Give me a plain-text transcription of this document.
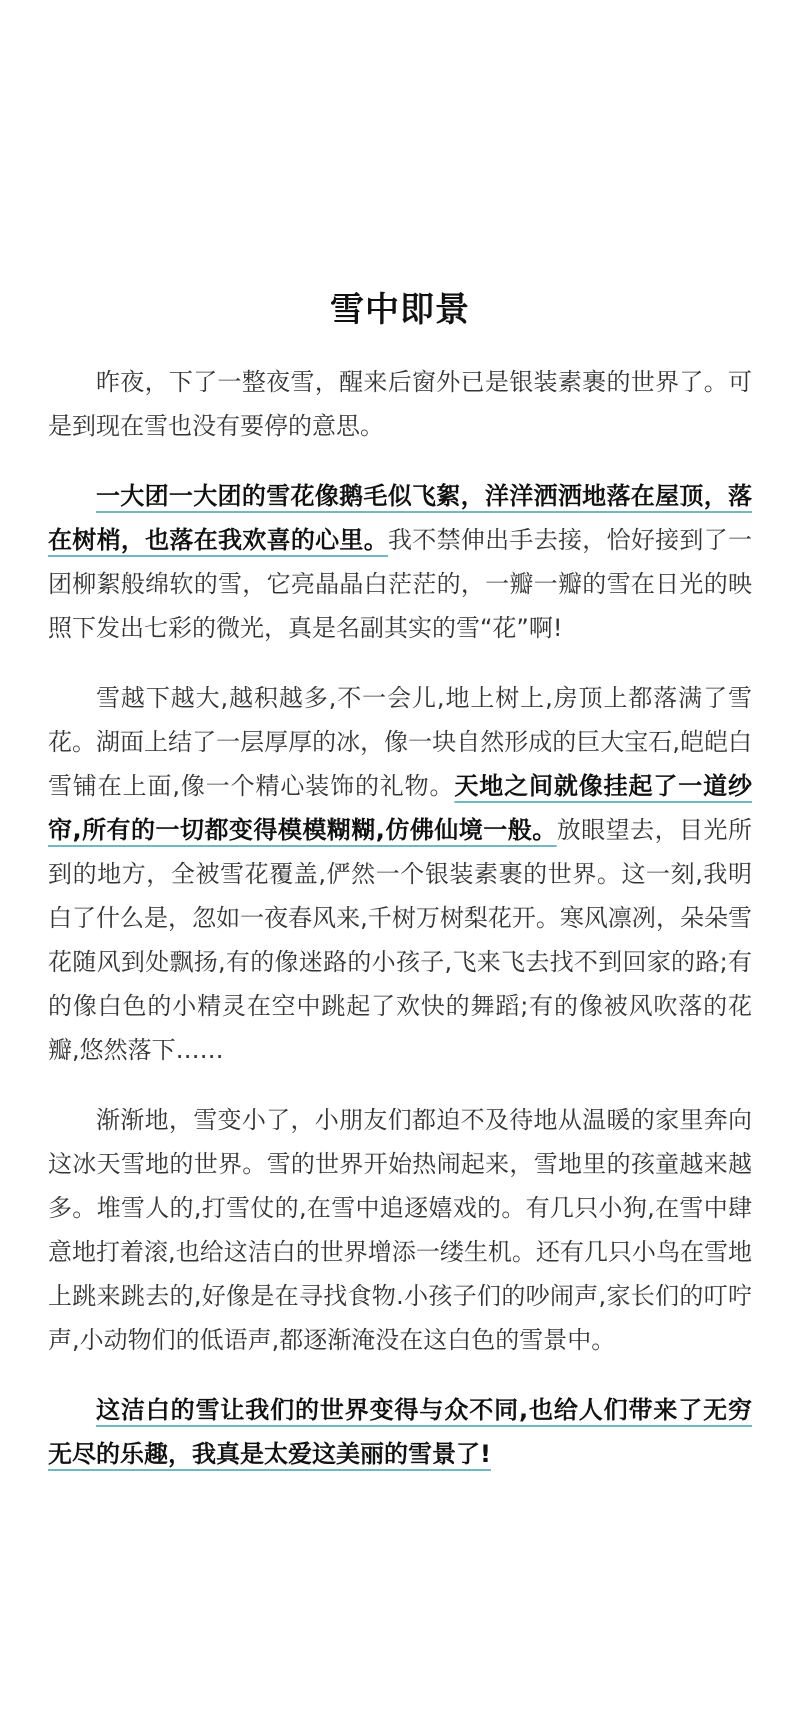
雪中即景

昨夜，下了一整夜雪，醒来后窗外已是银装素裹的世界了。可是到现在雪也没有要停的意思。

一大团一大团的雪花像鹅毛似飞絮，洋洋洒洒地落在屋顶，落在树梢，也落在我欢喜的心里。我不禁伸出手去接，恰好接到了一团柳絮般绵软的雪，它亮晶晶白茫茫的，一瓣一瓣的雪在日光的映照下发出七彩的微光，真是名副其实的雪“花”啊!

雪越下越大,越积越多,不一会儿,地上树上,房顶上都落满了雪花。湖面上结了一层厚厚的冰，像一块自然形成的巨大宝石,皑皑白雪铺在上面,像一个精心装饰的礼物。天地之间就像挂起了一道纱帘,所有的一切都变得模模糊糊,仿佛仙境一般。放眼望去，目光所到的地方，全被雪花覆盖,俨然一个银装素裹的世界。这一刻,我明白了什么是，忽如一夜春风来,千树万树梨花开。寒风凛冽，朵朵雪花随风到处飘扬,有的像迷路的小孩子,飞来飞去找不到回家的路;有的像白色的小精灵在空中跳起了欢快的舞蹈;有的像被风吹落的花瓣,悠然落下……

渐渐地，雪变小了，小朋友们都迫不及待地从温暖的家里奔向这冰天雪地的世界。雪的世界开始热闹起来，雪地里的孩童越来越多。堆雪人的,打雪仗的,在雪中追逐嬉戏的。有几只小狗,在雪中肆意地打着滚,也给这洁白的世界增添一缕生机。还有几只小鸟在雪地上跳来跳去的,好像是在寻找食物.小孩子们的吵闹声,家长们的叮咛声,小动物们的低语声,都逐渐淹没在这白色的雪景中。

这洁白的雪让我们的世界变得与众不同,也给人们带来了无穷无尽的乐趣，我真是太爱这美丽的雪景了!
